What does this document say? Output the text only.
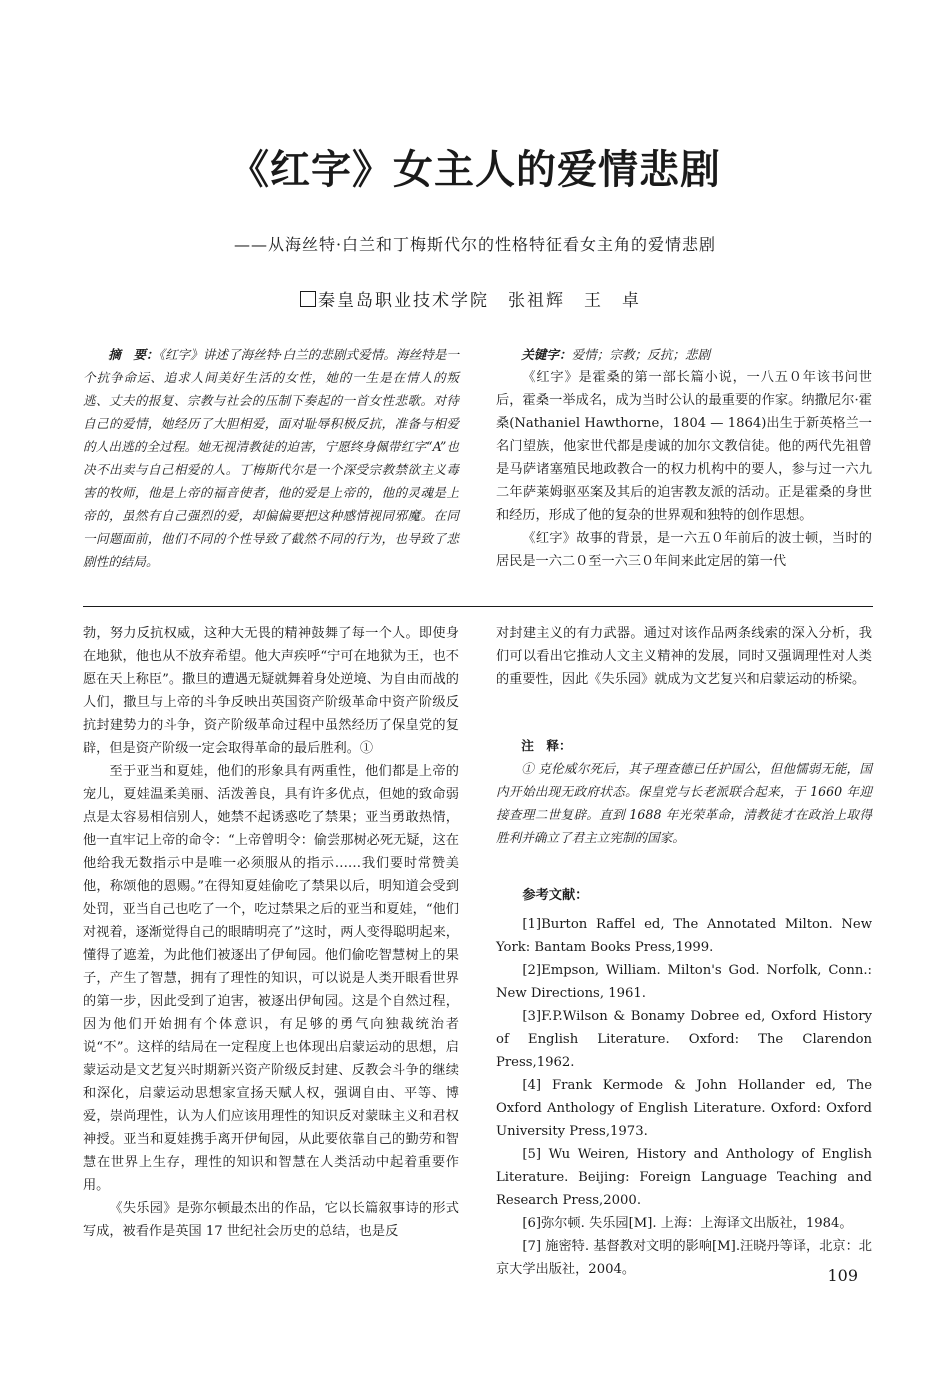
《红字》女主人的爱情悲剧
——从海丝特·白兰和丁梅斯代尔的性格特征看女主角的爱情悲剧
秦皇岛职业技术学院　 张祖辉　王　卓

摘　要：《红字》讲述了海丝特·白兰的悲剧式爱情。海丝特是一个抗争命运、追求人间美好生活的女性，她的一生是在情人的叛逃、丈夫的报复、宗教与社会的压制下奏起的一首女性悲歌。对待自己的爱情，她经历了大胆相爱，面对耻辱积极反抗，准备与相爱的人出逃的全过程。她无视清教徒的迫害，宁愿终身佩带红字“A”也决不出卖与自己相爱的人。丁梅斯代尔是一个深受宗教禁欲主义毒害的牧师，他是上帝的福音使者，他的爱是上帝的，他的灵魂是上帝的，虽然有自己强烈的爱，却偏偏要把这种感情视同邪魔。在同一问题面前，他们不同的个性导致了截然不同的行为，也导致了悲剧性的结局。

关键字：爱情；宗教；反抗；悲剧

《红字》是霍桑的第一部长篇小说，一八五０年该书问世后，霍桑一举成名，成为当时公认的最重要的作家。纳撒尼尔·霍桑(Nathaniel Hawthorne，1804 — 1864)出生于新英格兰一名门望族，他家世代都是虔诚的加尔文教信徒。他的两代先祖曾是马萨诸塞殖民地政教合一的权力机构中的要人，参与过一六九二年萨莱姆驱巫案及其后的迫害教友派的活动。正是霍桑的身世和经历，形成了他的复杂的世界观和独特的创作思想。

《红字》故事的背景，是一六五０年前后的波士顿，当时的居民是一六二０至一六三０年间来此定居的第一代

勃，努力反抗权威，这种大无畏的精神鼓舞了每一个人。即使身在地狱，他也从不放弃希望。他大声疾呼“宁可在地狱为王，也不愿在天上称臣”。撒旦的遭遇无疑就舞着身处逆境、为自由而战的人们，撒旦与上帝的斗争反映出英国资产阶级革命中资产阶级反抗封建势力的斗争，资产阶级革命过程中虽然经历了保皇党的复辟，但是资产阶级一定会取得革命的最后胜利。①

至于亚当和夏娃，他们的形象具有两重性，他们都是上帝的宠儿，夏娃温柔美丽、活泼善良，具有许多优点，但她的致命弱点是太容易相信别人，她禁不起诱惑吃了禁果；亚当勇敢热情，他一直牢记上帝的命令：“上帝曾明令：偷尝那树必死无疑，这在他给我无数指示中是唯一必须服从的指示……我们要时常赞美他，称颂他的恩赐。”在得知夏娃偷吃了禁果以后，明知道会受到处罚，亚当自己也吃了一个，吃过禁果之后的亚当和夏娃，“他们对视着，逐渐觉得自己的眼睛明亮了”这时，两人变得聪明起来，懂得了遮羞，为此他们被逐出了伊甸园。他们偷吃智慧树上的果子，产生了智慧，拥有了理性的知识，可以说是人类开眼看世界的第一步，因此受到了迫害，被逐出伊甸园。这是个自然过程，因为他们开始拥有个体意识，有足够的勇气向独裁统治者说“不”。这样的结局在一定程度上也体现出启蒙运动的思想，启蒙运动是文艺复兴时期新兴资产阶级反封建、反教会斗争的继续和深化，启蒙运动思想家宣扬天赋人权，强调自由、平等、博爱，崇尚理性，认为人们应该用理性的知识反对蒙昧主义和君权神授。亚当和夏娃携手离开伊甸园，从此要依靠自己的勤劳和智慧在世界上生存，理性的知识和智慧在人类活动中起着重要作用。

《失乐园》是弥尔顿最杰出的作品，它以长篇叙事诗的形式写成，被看作是英国 17 世纪社会历史的总结，也是反

对封建主义的有力武器。通过对该作品两条线索的深入分析，我们可以看出它推动人文主义精神的发展，同时又强调理性对人类的重要性，因此《失乐园》就成为文艺复兴和启蒙运动的桥梁。

注　释：

① 克伦威尔死后，其子理查德已任护国公，但他懦弱无能，国内开始出现无政府状态。保皇党与长老派联合起来，于 1660 年迎接查理二世复辟。直到 1688 年光荣革命，清教徒才在政治上取得胜利并确立了君主立宪制的国家。

参考文献：

[1]Burton Raffel ed, The Annotated Milton. New York: Bantam Books Press,1999.

[2]Empson, William. Milton's God. Norfolk, Conn.: New Directions, 1961.

[3]F.P.Wilson & Bonamy Dobree ed, Oxford History of English Literature. Oxford: The Clarendon Press,1962.

[4] Frank Kermode & John Hollander ed, The Oxford Anthology of English Literature. Oxford: Oxford University Press,1973.

[5] Wu Weiren, History and Anthology of English Literature. Beijing: Foreign Language Teaching and Research Press,2000.

[6]弥尔顿. 失乐园[M]. 上海：上海译文出版社，1984。

[7] 施密特. 基督教对文明的影响[M].汪晓丹等译，北京：北京大学出版社，2004。	109
